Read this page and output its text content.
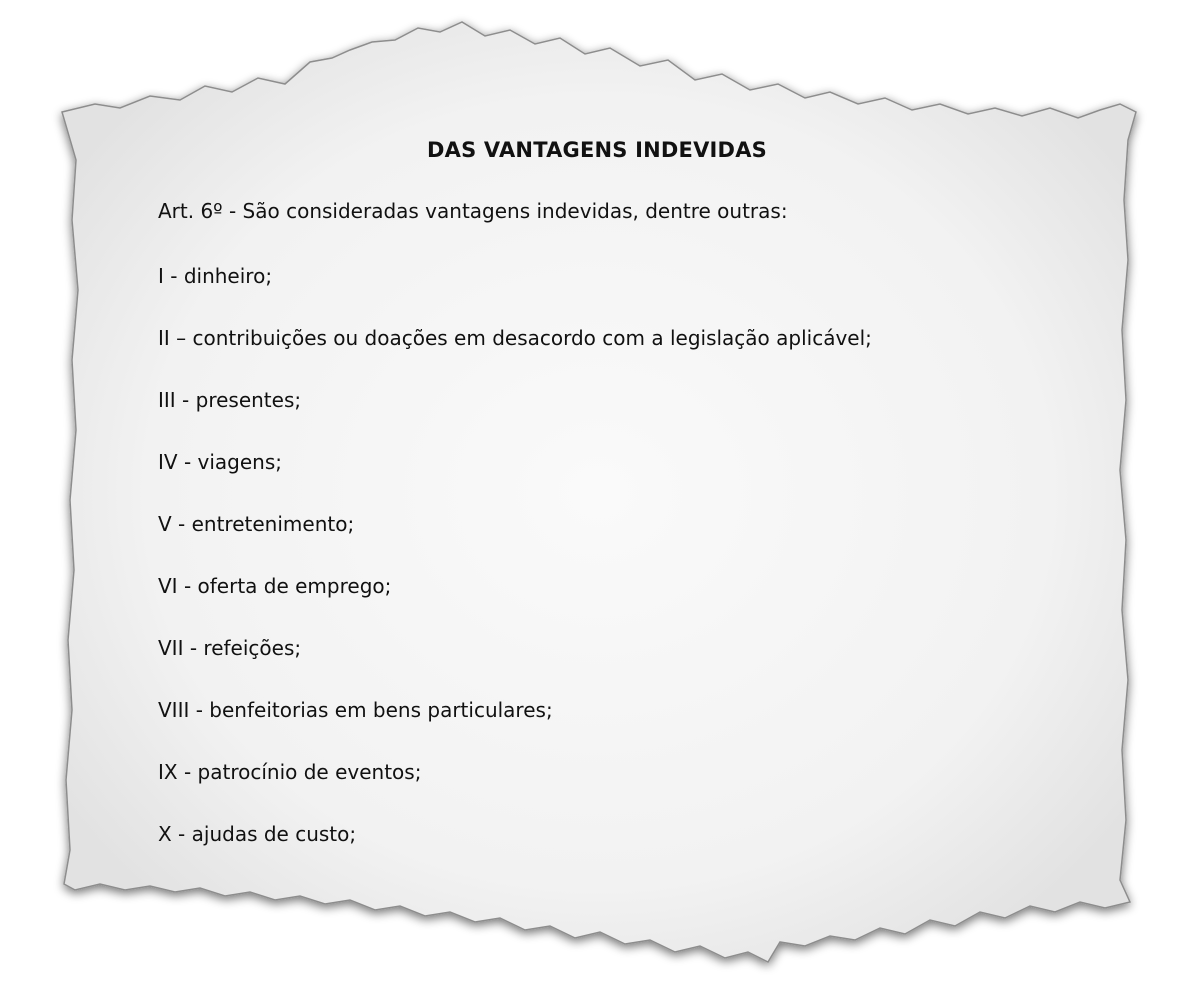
DAS VANTAGENS INDEVIDAS

Art. 6º - São consideradas vantagens indevidas, dentre outras:

I - dinheiro;
II – contribuições ou doações em desacordo com a legislação aplicável;
III - presentes;
IV - viagens;
V - entretenimento;
VI - oferta de emprego;
VII - refeições;
VIII - benfeitorias em bens particulares;
IX - patrocínio de eventos;
X - ajudas de custo;
